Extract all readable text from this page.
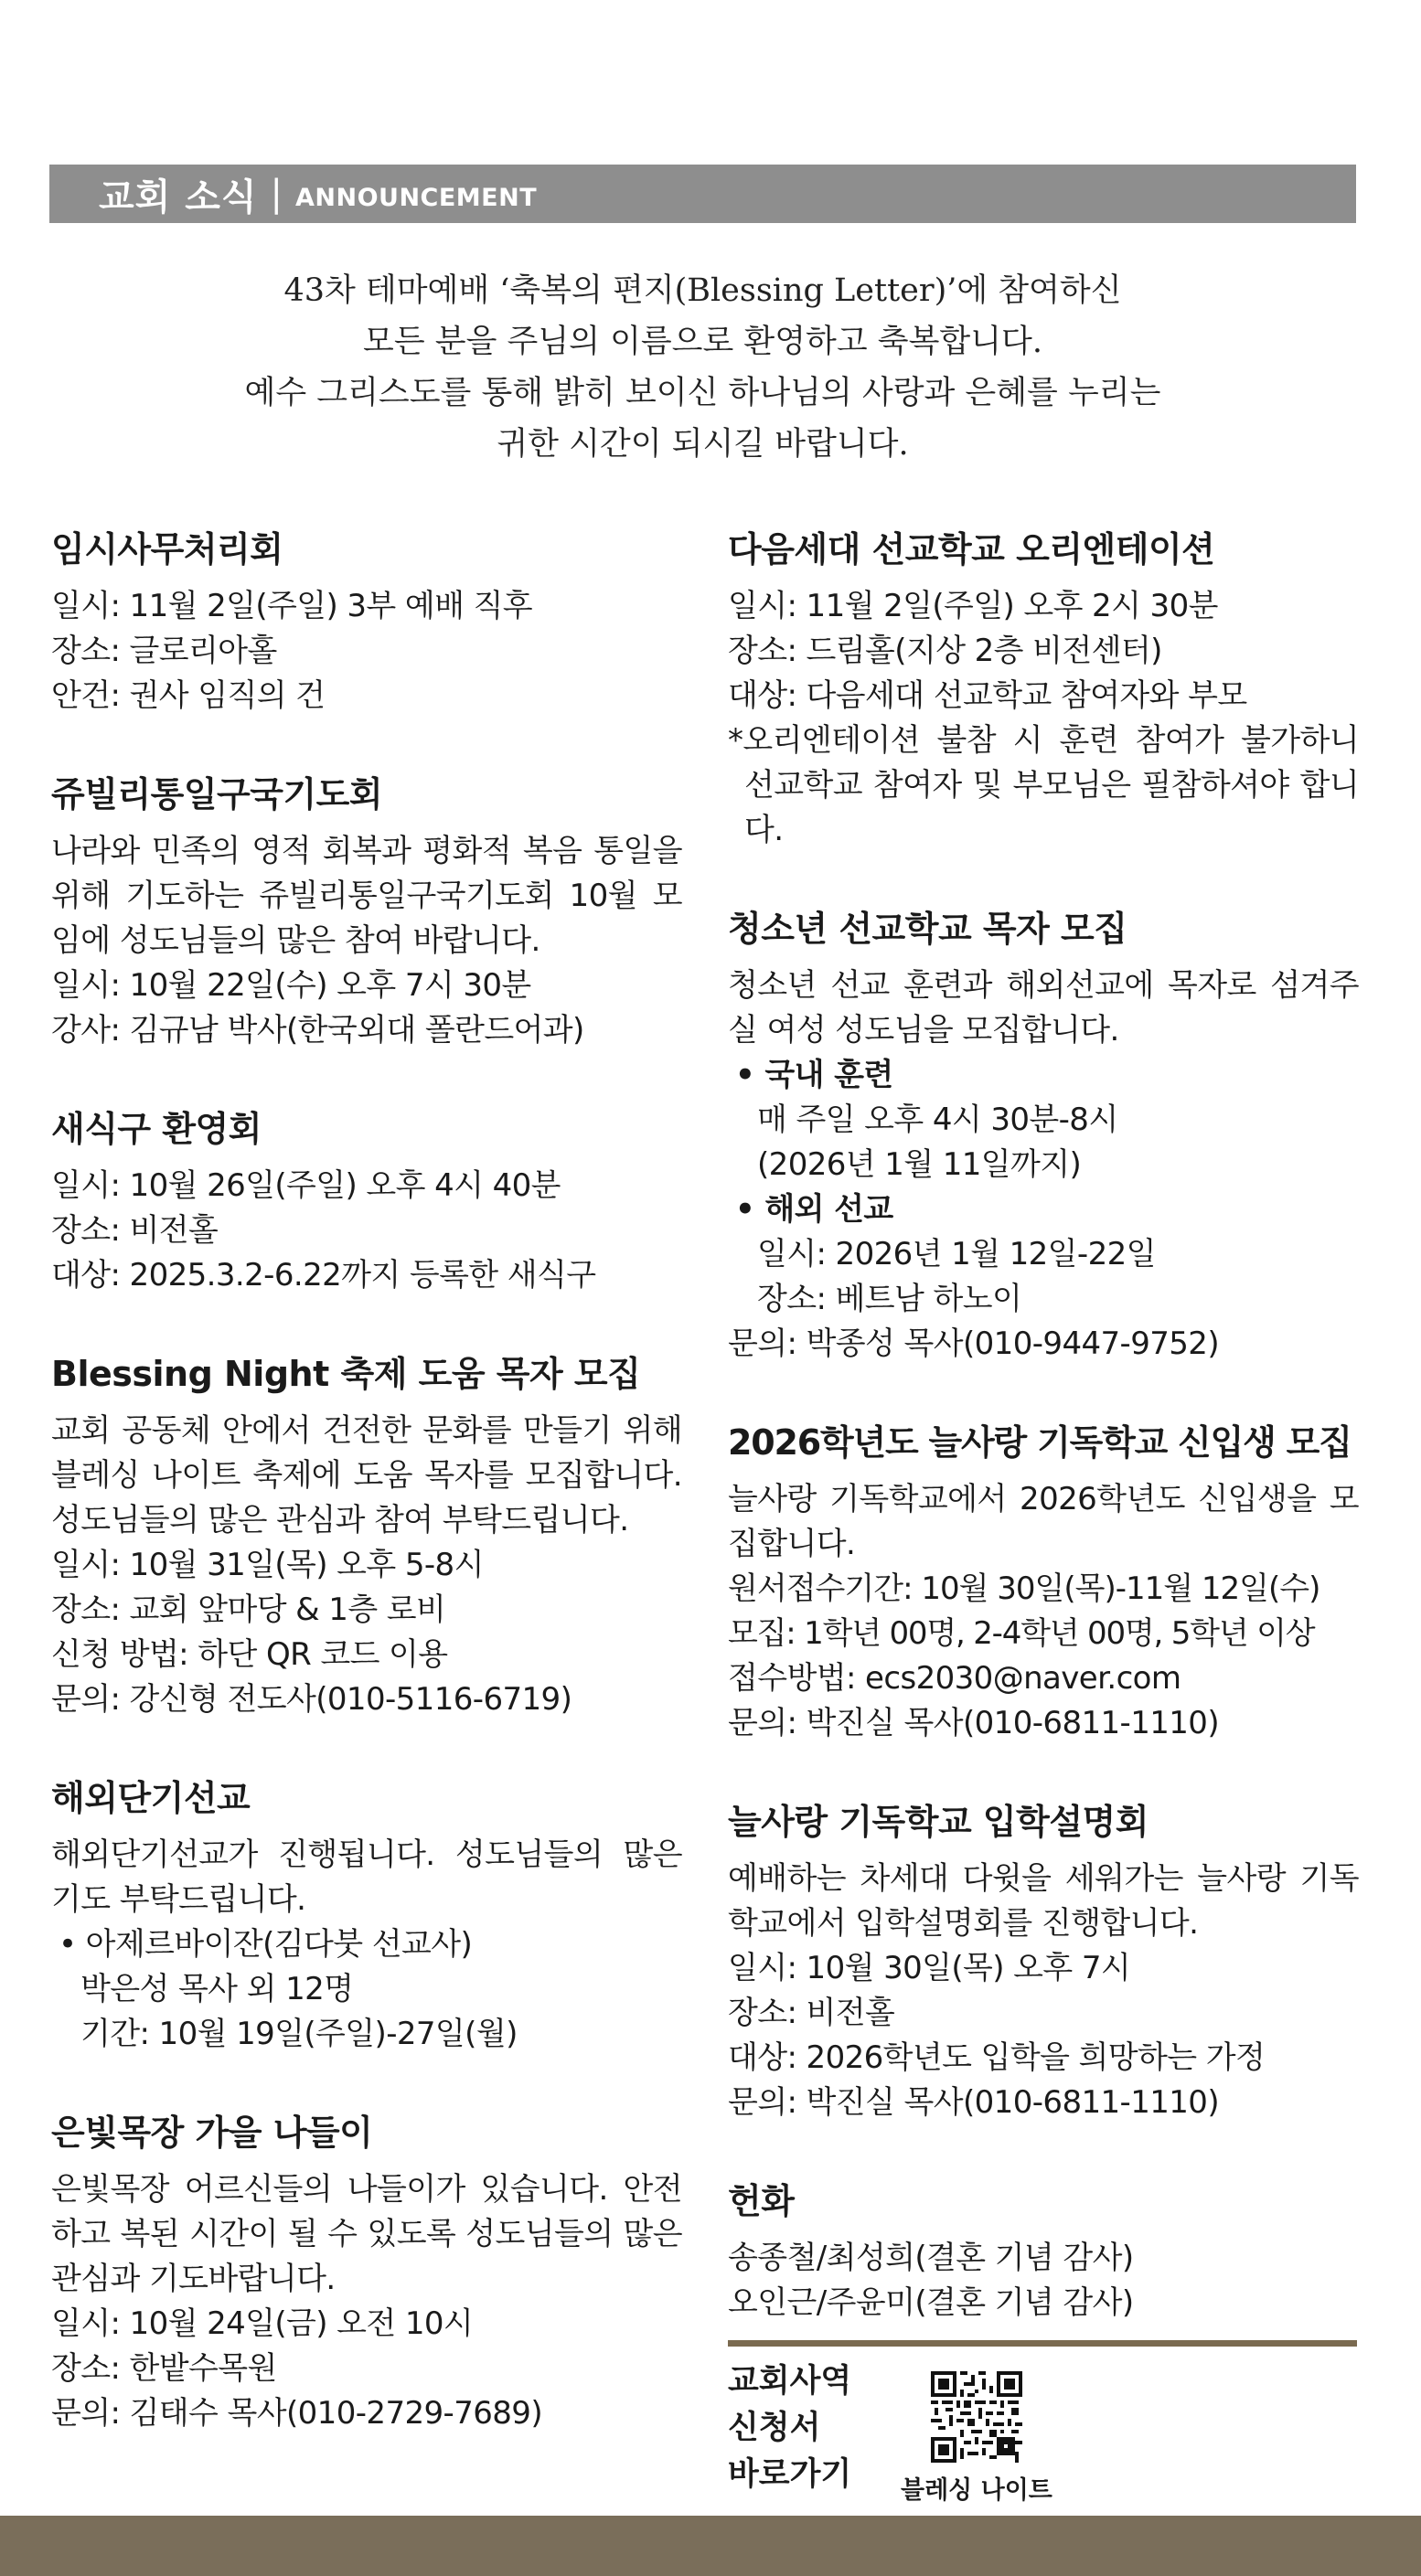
교회 소식 | ANNOUNCEMENT
43차 테마예배 ‘축복의 편지(Blessing Letter)’에 참여하신
모든 분을 주님의 이름으로 환영하고 축복합니다.
예수 그리스도를 통해 밝히 보이신 하나님의 사랑과 은혜를 누리는
귀한 시간이 되시길 바랍니다.
임시사무처리회
일시: 11월 2일(주일) 3부 예배 직후
장소: 글로리아홀
안건: 권사 임직의 건
쥬빌리통일구국기도회
나라와 민족의 영적 회복과 평화적 복음 통일을 위해 기도하는 쥬빌리통일구국기도회 10월 모임에 성도님들의 많은 참여 바랍니다.
일시: 10월 22일(수) 오후 7시 30분
강사: 김규남 박사(한국외대 폴란드어과)
새식구 환영회
일시: 10월 26일(주일) 오후 4시 40분
장소: 비전홀
대상: 2025.3.2-6.22까지 등록한 새식구
Blessing Night 축제 도움 목자 모집
교회 공동체 안에서 건전한 문화를 만들기 위해 블레싱 나이트 축제에 도움 목자를 모집합니다. 성도님들의 많은 관심과 참여 부탁드립니다.
일시: 10월 31일(목) 오후 5-8시
장소: 교회 앞마당 & 1층 로비
신청 방법: 하단 QR 코드 이용
문의: 강신형 전도사(010-5116-6719)
해외단기선교
해외단기선교가 진행됩니다. 성도님들의 많은 기도 부탁드립니다.
• 아제르바이잔(김다붓 선교사)
박은성 목사 외 12명
기간: 10월 19일(주일)-27일(월)
은빛목장 가을 나들이
은빛목장 어르신들의 나들이가 있습니다. 안전하고 복된 시간이 될 수 있도록 성도님들의 많은 관심과 기도바랍니다.
일시: 10월 24일(금) 오전 10시
장소: 한밭수목원
문의: 김태수 목사(010-2729-7689)
다음세대 선교학교 오리엔테이션
일시: 11월 2일(주일) 오후 2시 30분
장소: 드림홀(지상 2층 비전센터)
대상: 다음세대 선교학교 참여자와 부모
*오리엔테이션 불참 시 훈련 참여가 불가하니 선교학교 참여자 및 부모님은 필참하셔야 합니다.
청소년 선교학교 목자 모집
청소년 선교 훈련과 해외선교에 목자로 섬겨주실 여성 성도님을 모집합니다.
• 국내 훈련
매 주일 오후 4시 30분-8시
(2026년 1월 11일까지)
• 해외 선교
일시: 2026년 1월 12일-22일
장소: 베트남 하노이
문의: 박종성 목사(010-9447-9752)
2026학년도 늘사랑 기독학교 신입생 모집
늘사랑 기독학교에서 2026학년도 신입생을 모집합니다.
원서접수기간: 10월 30일(목)-11월 12일(수)
모집: 1학년 00명, 2-4학년 00명, 5학년 이상
접수방법: ecs2030@naver.com
문의: 박진실 목사(010-6811-1110)
늘사랑 기독학교 입학설명회
예배하는 차세대 다윗을 세워가는 늘사랑 기독학교에서 입학설명회를 진행합니다.
일시: 10월 30일(목) 오후 7시
장소: 비전홀
대상: 2026학년도 입학을 희망하는 가정
문의: 박진실 목사(010-6811-1110)
헌화
송종철/최성희(결혼 기념 감사)
오인근/주윤미(결혼 기념 감사)
교회사역
신청서
바로가기 블레싱 나이트
